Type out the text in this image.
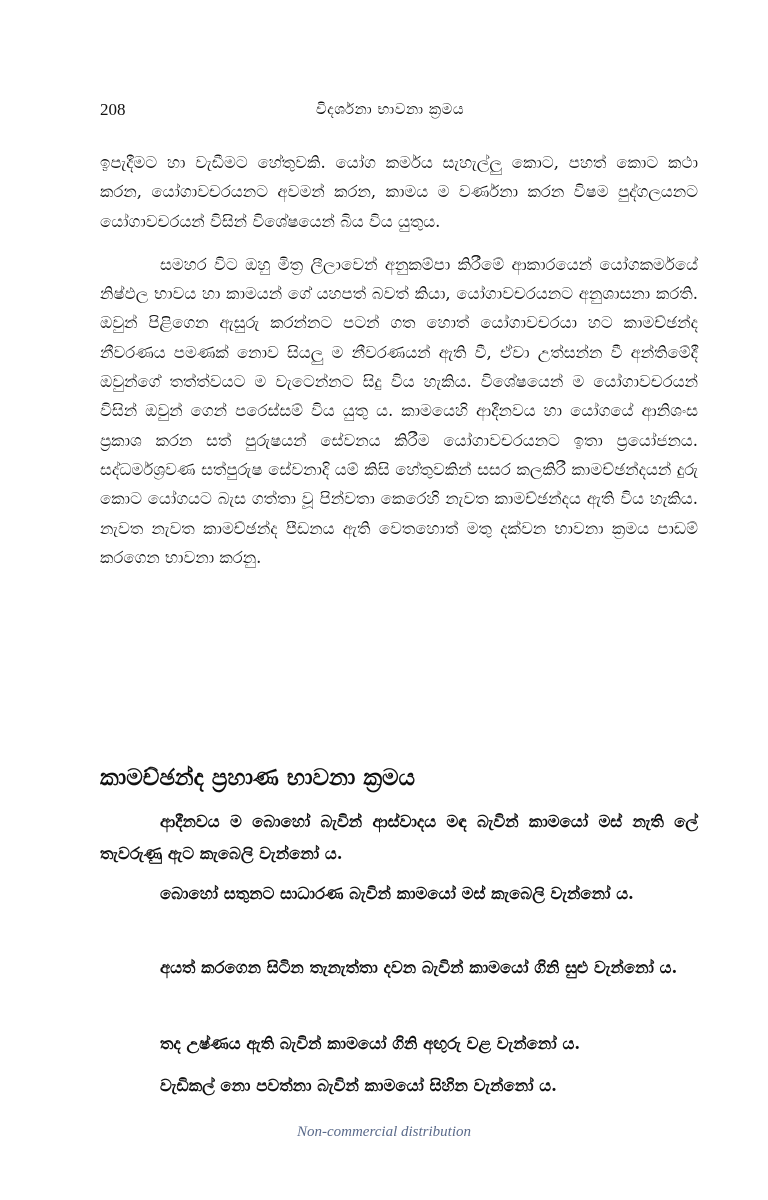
208	විදර්ශනා භාවනා ක්‍රමය

ඉපැදීමට හා වැඩීමට හේතුවකි. යෝග කර්මය සැහැල්ලු කොට, පහත් කොට කථා කරන, යෝගාවචරයනට අවමන් කරන, කාමය ම වර්ණනා කරන විෂම පුද්ගලයනට යෝගාවචරයන් විසින් විශේෂයෙන් බිය විය යුතුය.

සමහර විට ඔහු මිත්‍ර ලීලාවෙන් අනුකම්පා කිරීමේ ආකාරයෙන් යෝගකර්මයේ නිෂ්ඵල භාවය හා කාමයන් ගේ යහපත් බවත් කියා, යෝගාවචරයනට අනුශාසනා කරති. ඔවුන් පිළිගෙන ඇසුරු කරන්නට පටන් ගත හොත් යෝගාවචරයා හට කාමච්ඡන්ද නීවරණය පමණක් නොව සියලු ම නීවරණයන් ඇති වී, ඒවා උත්සන්න වී අන්තිමේදී ඔවුන්ගේ තත්ත්වයට ම වැටෙන්නට සිදු විය හැකිය. විශේෂයෙන් ම යෝගාවචරයන් විසින් ඔවුන් ගෙන් පරෙස්සම් විය යුතු ය. කාමයෙහි ආදීනවය හා යෝගයේ ආනිශංස ප්‍රකාශ කරන සත් පුරුෂයන් සේවනය කිරීම යෝගාවචරයනට ඉතා ප්‍රයෝජනය. සද්ධර්මශ්‍රවණ සත්පුරුෂ සේවනාදි යම් කිසි හේතුවකින් සසර කලකිරී කාමච්ඡන්දයන් දුරු කොට යෝගයට බැස ගත්තා වූ පින්වතා කෙරෙහි නැවත කාමච්ඡන්දය ඇති විය හැකිය. නැවත නැවත කාමච්ඡන්ද පීඩනය ඇති වෙතහොත් මතු දක්වන භාවනා ක්‍රමය පාඩම් කරගෙන භාවනා කරනු.

කාමච්ඡන්ද ප්‍රහාණ භාවනා ක්‍රමය

ආදීනවය ම බොහෝ බැවින් ආස්වාදය මඳ බැවින් කාමයෝ මස් නැති ලේ තැවරුණු ඇට කැබෙලි වැන්නෝ ය.

බොහෝ සතුනට සාධාරණ බැවින් කාමයෝ මස් කැබෙලි වැන්නෝ ය.

අයත් කරගෙන සිටින තැනැත්තා දවන බැවින් කාමයෝ ගිනි සුළු වැන්නෝ ය.

තද උෂ්ණය ඇති බැවින් කාමයෝ ගිනි අඟුරු වළ වැන්නෝ ය.

වැඩිකල් නො පවත්නා බැවින් කාමයෝ සිහින වැන්නෝ ය.

Non-commercial distribution
